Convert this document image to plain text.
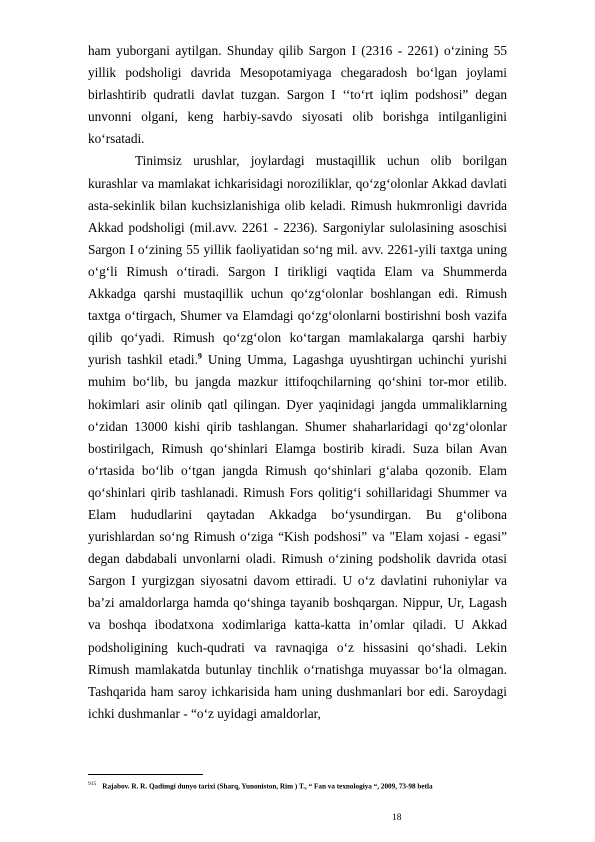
ham yuborgani aytilgan. Shunday qilib Sargon I (2316 - 2261) o‘zining 55 yillik podsholigi davrida Mesopotamiyaga chegaradosh bo‘lgan joylami birlashtirib qudratli davlat tuzgan. Sargon I ‘‘to‘rt iqlim podshosi” degan unvonni olgani, keng harbiy-savdo siyosati olib borishga intilganligini ko‘rsatadi.

Tinimsiz urushlar, joylardagi mustaqillik uchun olib borilgan kurashlar va mamlakat ichkarisidagi noroziliklar, qo‘zg‘olonlar Akkad davlati asta-sekinlik bilan kuchsizlanishiga olib keladi. Rimush hukmronligi davrida Akkad podsholigi (mil.avv. 2261 - 2236). Sargoniylar sulolasining asoschisi Sargon I o‘zining 55 yillik faoliyatidan so‘ng mil. avv. 2261-yili taxtga uning o‘g‘li Rimush o‘tiradi. Sargon I tirikligi vaqtida Elam va Shummerda Akkadga qarshi mustaqillik uchun qo‘zg‘olonlar boshlangan edi. Rimush taxtga o‘tirgach, Shumer va Elamdagi qo‘zg‘olonlarni bostirishni bosh vazifa qilib qo‘yadi. Rimush qo‘zg‘olon ko‘targan mamlakalarga qarshi harbiy yurish tashkil etadi.$^9$ Uning Umma, Lagashga uyushtirgan uchinchi yurishi muhim bo‘lib, bu jangda mazkur ittifoqchilarning qo‘shini tor-mor etilib. hokimlari asir olinib qatl qilingan. Dyer yaqinidagi jangda ummaliklarning o‘zidan 13000 kishi qirib tashlangan. Shumer shaharlaridagi qo‘zg‘olonlar bostirilgach, Rimush qo‘shinlari Elamga bostirib kiradi. Suza bilan Avan o‘rtasida bo‘lib o‘tgan jangda Rimush qo‘shinlari g‘alaba qozonib. Elam qo‘shinlari qirib tashlanadi. Rimush Fors qolitig‘i sohillaridagi Shummer va Elam hududlarini qaytadan Akkadga bo‘ysundirgan. Bu g‘olibona yurishlardan so‘ng Rimush o‘ziga “Kish podshosi” va "Elam xojasi - egasi” degan dabdabali unvonlarni oladi. Rimush o‘zining podsholik davrida otasi Sargon I yurgizgan siyosatni davom ettiradi. U o‘z davlatini ruhoniylar va ba’zi amaldorlarga hamda qo‘shinga tayanib boshqargan. Nippur, Ur, Lagash va boshqa ibodatxona xodimlariga katta-katta in’omlar qiladi. U Akkad podsholigining kuch-qudrati va ravnaqiga o‘z hissasini qo‘shadi. Lekin Rimush mamlakatda butunlay tinchlik o‘rnatishga muyassar bo‘la olmagan. Tashqarida ham saroy ichkarisida ham uning dushmanlari bor edi. Saroydagi ichki dushmanlar - “o‘z uyidagi amaldorlar,

$^{915}$ Rajabov. R. R. Qadimgi dunyo tarixi (Sharq, Yunoniston, Rim ) T., “ Fan va texnologiya “, 2009, 73-98 betla
18
